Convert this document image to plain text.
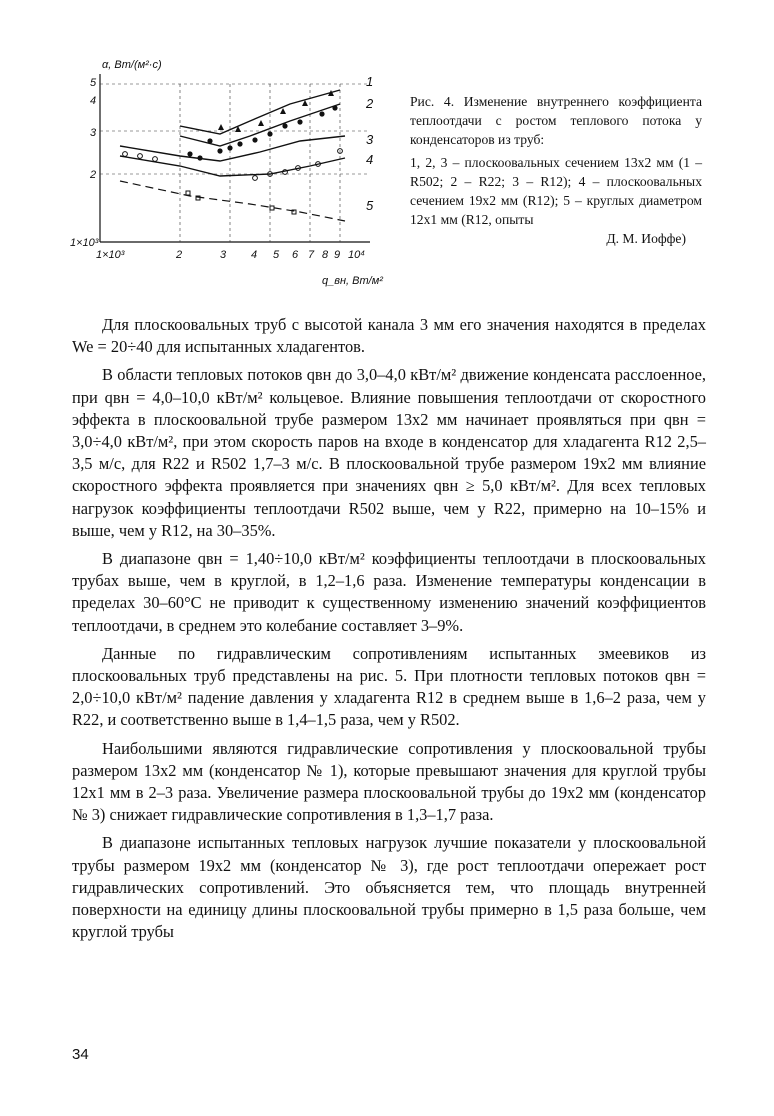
1
2
3
4
5
α, Вт/(м²·с)
q_вн, Вт/м²
5
4
3
2
1×10³
1×10³	2	3 4 5 6 7 8 9 10⁴

Рис. 4. Изменение внутреннего коэффициента теплоотдачи с ростом теплового потока у конденсаторов из труб:

1, 2, 3 – плоскоовальных сечением 13x2 мм (1 – R502; 2 – R22; 3 – R12); 4 – плоскоовальных сечением 19x2 мм (R12); 5 – круглых диаметром 12x1 мм (R12, опыты

Д. М. Иоффе)

Для плоскоовальных труб с высотой канала 3 мм его значения находятся в пределах We = 20÷40 для испытанных хладагентов.

В области тепловых потоков qвн до 3,0–4,0 кВт/м² движение конденсата расслоенное, при qвн = 4,0–10,0 кВт/м² кольцевое. Влияние повышения теплоотдачи от скоростного эффекта в плоскоовальной трубе размером 13x2 мм начинает проявляться при qвн = 3,0÷4,0 кВт/м², при этом скорость паров на входе в конденсатор для хладагента R12 2,5–3,5 м/с, для R22 и R502 1,7–3 м/с. В плоскоовальной трубе размером 19x2 мм влияние скоростного эффекта проявляется при значениях qвн ≥ 5,0 кВт/м². Для всех тепловых нагрузок коэффициенты теплоотдачи R502 выше, чем у R22, примерно на 10–15% и выше, чем у R12, на 30–35%.

В диапазоне qвн = 1,40÷10,0 кВт/м² коэффициенты теплоотдачи в плоскоовальных трубах выше, чем в круглой, в 1,2–1,6 раза. Изменение температуры конденсации в пределах 30–60°С не приводит к существенному изменению значений коэффициентов теплоотдачи, в среднем это колебание составляет 3–9%.

Данные по гидравлическим сопротивлениям испытанных змеевиков из плоскоовальных труб представлены на рис. 5. При плотности тепловых потоков qвн = 2,0÷10,0 кВт/м² падение давления у хладагента R12 в среднем выше в 1,6–2 раза, чем у R22, и соответственно выше в 1,4–1,5 раза, чем у R502.

Наибольшими являются гидравлические сопротивления у плоскоовальной трубы размером 13x2 мм (конденсатор № 1), которые превышают значения для круглой трубы 12x1 мм в 2–3 раза. Увеличение размера плоскоовальной трубы до 19x2 мм (конденсатор № 3) снижает гидравлические сопротивления в 1,3–1,7 раза.

В диапазоне испытанных тепловых нагрузок лучшие показатели у плоскоовальной трубы размером 19x2 мм (конденсатор № 3), где рост теплоотдачи опережает рост гидравлических сопротивлений. Это объясняется тем, что площадь внутренней поверхности на единицу длины плоскоовальной трубы примерно в 1,5 раза больше, чем круглой трубы

34
